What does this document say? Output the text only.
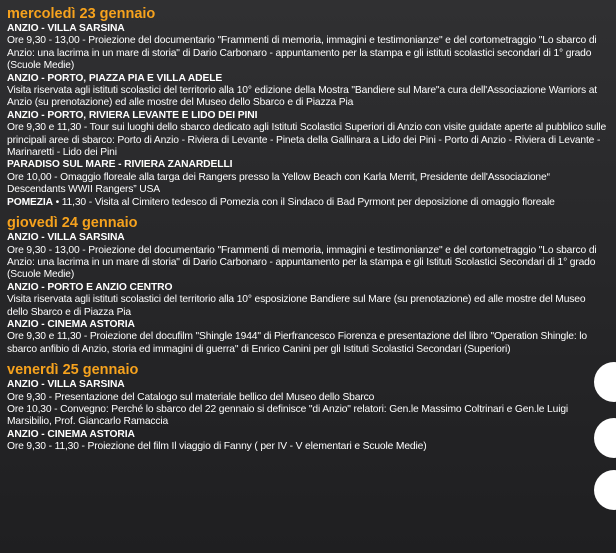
mercoledì 23 gennaio
ANZIO - VILLA SARSINA
Ore 9,30 - 13,00 - Proiezione del documentario "Frammenti di memoria, immagini e testimonianze" e del cortometraggio "Lo sbarco di Anzio: una lacrima in un mare di storia" di Dario Carbonaro - appuntamento per la stampa e gli istituti scolastici secondari di 1° grado (Scuole Medie)
ANZIO - PORTO, PIAZZA PIA E VILLA ADELE
Visita riservata agli istituti scolastici del territorio alla 10° edizione della Mostra "Bandiere sul Mare"a cura dell'Associazione Warriors at Anzio (su prenotazione) ed alle mostre del Museo dello Sbarco e di Piazza Pia
ANZIO - PORTO, RIVIERA LEVANTE E LIDO DEI PINI
Ore 9,30 e 11,30 - Tour sui luoghi dello sbarco dedicato agli Istituti Scolastici Superiori di Anzio con visite guidate aperte al pubblico sulle principali aree di sbarco: Porto di Anzio - Riviera di Levante - Pineta della Gallinara a Lido dei Pini - Porto di Anzio - Riviera di Levante - Marinaretti - Lido dei Pini
PARADISO SUL MARE - RIVIERA ZANARDELLI
Ore 10,00 - Omaggio floreale alla targa dei Rangers presso la Yellow Beach con Karla Merrit, Presidente dell'Associazione“ Descendants WWII Rangers” USA
POMEZIA • 11,30 - Visita al Cimitero tedesco di Pomezia con il Sindaco di Bad Pyrmont per deposizione di omaggio floreale
giovedì 24 gennaio
ANZIO - VILLA SARSINA
Ore 9,30 - 13,00 - Proiezione del documentario "Frammenti di memoria, immagini e testimonianze" e del cortometraggio "Lo sbarco di Anzio: una lacrima in un mare di storia" di Dario Carbonaro - appuntamento per la stampa e gli Istituti Scolastici Secondari di 1° grado (Scuole Medie)
ANZIO - PORTO E ANZIO CENTRO
Visita riservata agli istituti scolastici del territorio alla 10° esposizione Bandiere sul Mare (su prenotazione) ed alle mostre del Museo dello Sbarco e di Piazza Pia
ANZIO - CINEMA ASTORIA
Ore 9,30 e 11,30 - Proiezione del docufilm "Shingle 1944" di Pierfrancesco Fiorenza e presentazione del libro "Operation Shingle: lo sbarco anfibio di Anzio, storia ed immagini di guerra" di Enrico Canini per gli Istituti Scolastici Secondari (Superiori)
venerdì 25 gennaio
ANZIO - VILLA SARSINA
Ore 9,30 - Presentazione del Catalogo sul materiale bellico del Museo dello Sbarco
Ore 10,30 - Convegno: Perché lo sbarco del 22 gennaio si definisce "di Anzio" relatori: Gen.le Massimo Coltrinari e Gen.le Luigi Marsibilio, Prof. Giancarlo Ramaccia
ANZIO - CINEMA ASTORIA
Ore 9,30 - 11,30 - Proiezione del film Il viaggio di Fanny ( per IV - V elementari e Scuole Medie)
